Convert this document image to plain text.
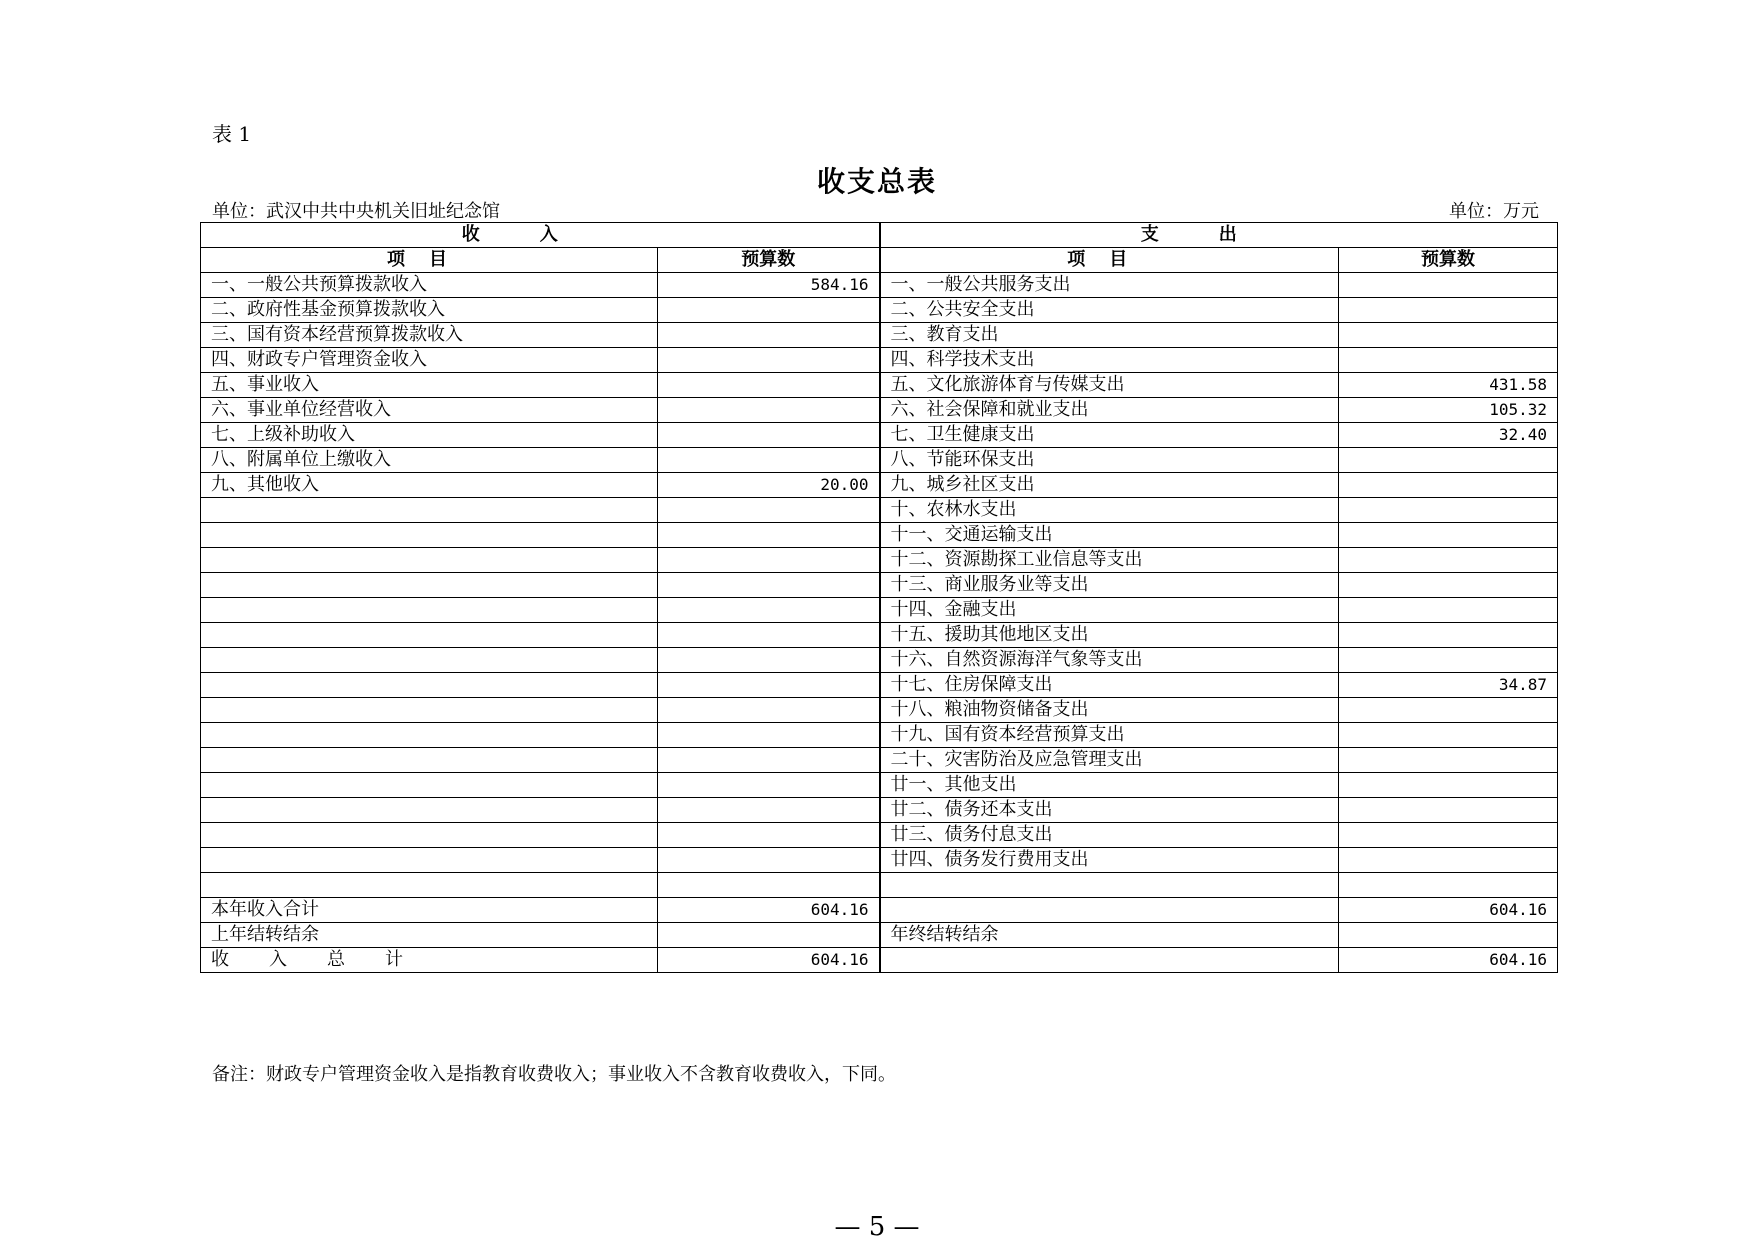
表 1
收支总表
单位：武汉中共中央机关旧址纪念馆	单位：万元
收入		支出	
项目	预算数	项目	预算数
一、一般公共预算拨款收入	584.16	一、一般公共服务支出	
二、政府性基金预算拨款收入		二、公共安全支出	
三、国有资本经营预算拨款收入		三、教育支出	
四、财政专户管理资金收入		四、科学技术支出	
五、事业收入		五、文化旅游体育与传媒支出	431.58
六、事业单位经营收入		六、社会保障和就业支出	105.32
七、上级补助收入		七、卫生健康支出	32.40
八、附属单位上缴收入		八、节能环保支出	
九、其他收入	20.00	九、城乡社区支出	
		十、农林水支出	
		十一、交通运输支出	
		十二、资源勘探工业信息等支出	
		十三、商业服务业等支出	
		十四、金融支出	
		十五、援助其他地区支出	
		十六、自然资源海洋气象等支出	
		十七、住房保障支出	34.87
		十八、粮油物资储备支出	
		十九、国有资本经营预算支出	
		二十、灾害防治及应急管理支出	
		廿一、其他支出	
		廿二、债务还本支出	
		廿三、债务付息支出	
		廿四、债务发行费用支出	

本年收入合计	604.16		604.16
上年结转结余		年终结转结余	
收入总计	604.16		604.16
备注：财政专户管理资金收入是指教育收费收入；事业收入不含教育收费收入，下同。
— 5 —
